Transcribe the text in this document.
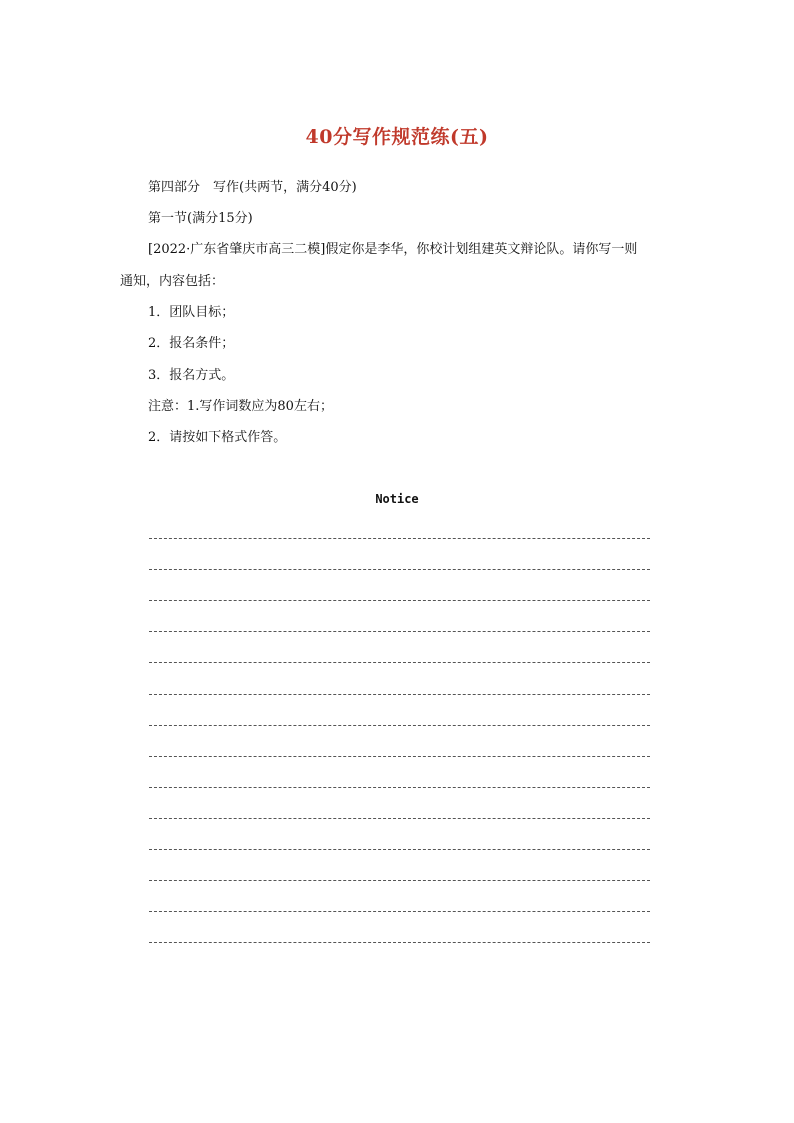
40分写作规范练(五)
第四部分　写作(共两节，满分40分)
第一节(满分15分)
[2022·广东省肇庆市高三二模]假定你是李华，你校计划组建英文辩论队。请你写一则
通知，内容包括：
1．团队目标；
2．报名条件；
3．报名方式。
注意：1.写作词数应为80左右；
2．请按如下格式作答。
Notice
